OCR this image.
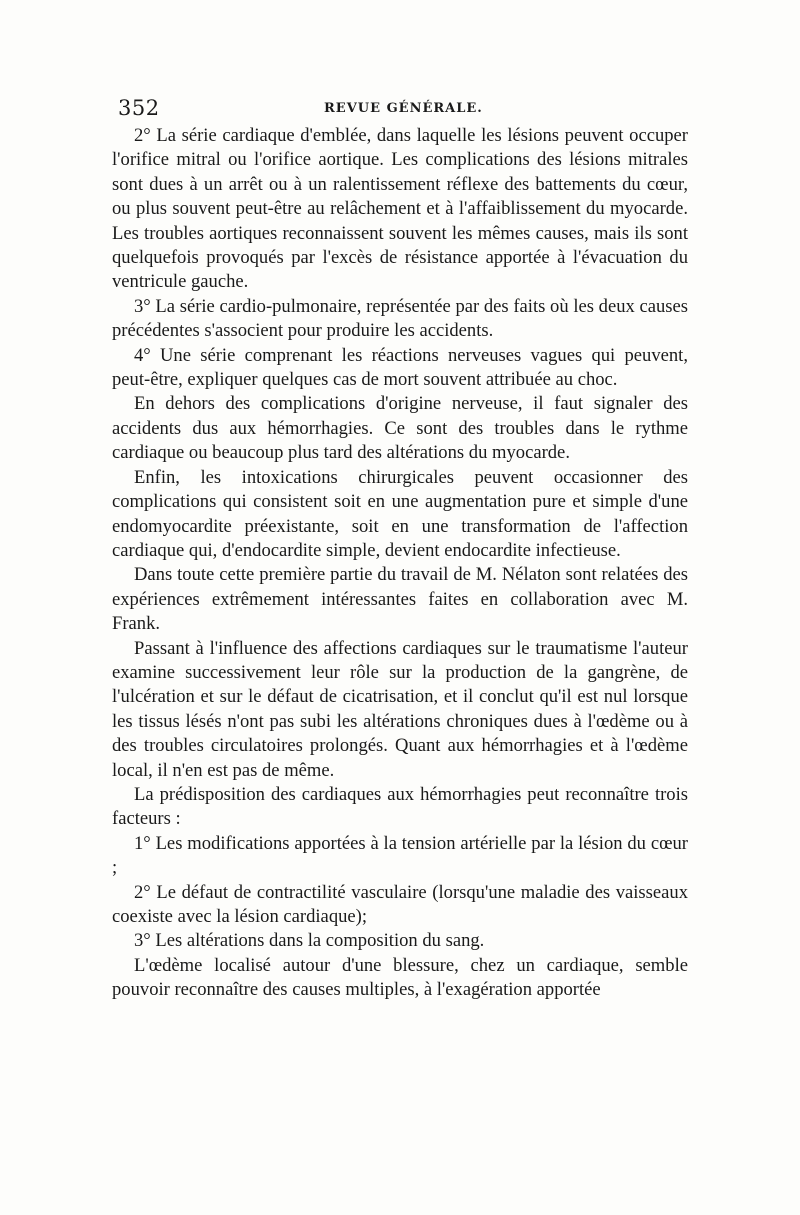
352	REVUE GÉNÉRALE.

2° La série cardiaque d'emblée, dans laquelle les lésions peuvent occuper l'orifice mitral ou l'orifice aortique. Les complications des lésions mitrales sont dues à un arrêt ou à un ralentissement réflexe des battements du cœur, ou plus souvent peut-être au relâchement et à l'affaiblissement du myocarde. Les troubles aortiques reconnaissent souvent les mêmes causes, mais ils sont quelquefois provoqués par l'excès de résistance apportée à l'évacuation du ventricule gauche.

3° La série cardio-pulmonaire, représentée par des faits où les deux causes précédentes s'associent pour produire les accidents.

4° Une série comprenant les réactions nerveuses vagues qui peuvent, peut-être, expliquer quelques cas de mort souvent attribuée au choc.

En dehors des complications d'origine nerveuse, il faut signaler des accidents dus aux hémorrhagies. Ce sont des troubles dans le rythme cardiaque ou beaucoup plus tard des altérations du myocarde.

Enfin, les intoxications chirurgicales peuvent occasionner des complications qui consistent soit en une augmentation pure et simple d'une endomyocardite préexistante, soit en une transformation de l'affection cardiaque qui, d'endocardite simple, devient endocardite infectieuse.

Dans toute cette première partie du travail de M. Nélaton sont relatées des expériences extrêmement intéressantes faites en collaboration avec M. Frank.

Passant à l'influence des affections cardiaques sur le traumatisme l'auteur examine successivement leur rôle sur la production de la gangrène, de l'ulcération et sur le défaut de cicatrisation, et il conclut qu'il est nul lorsque les tissus lésés n'ont pas subi les altérations chroniques dues à l'œdème ou à des troubles circulatoires prolongés. Quant aux hémorrhagies et à l'œdème local, il n'en est pas de même.

La prédisposition des cardiaques aux hémorrhagies peut reconnaître trois facteurs :

1° Les modifications apportées à la tension artérielle par la lésion du cœur ;

2° Le défaut de contractilité vasculaire (lorsqu'une maladie des vaisseaux coexiste avec la lésion cardiaque);

3° Les altérations dans la composition du sang.

L'œdème localisé autour d'une blessure, chez un cardiaque, semble pouvoir reconnaître des causes multiples, à l'exagération apportée
